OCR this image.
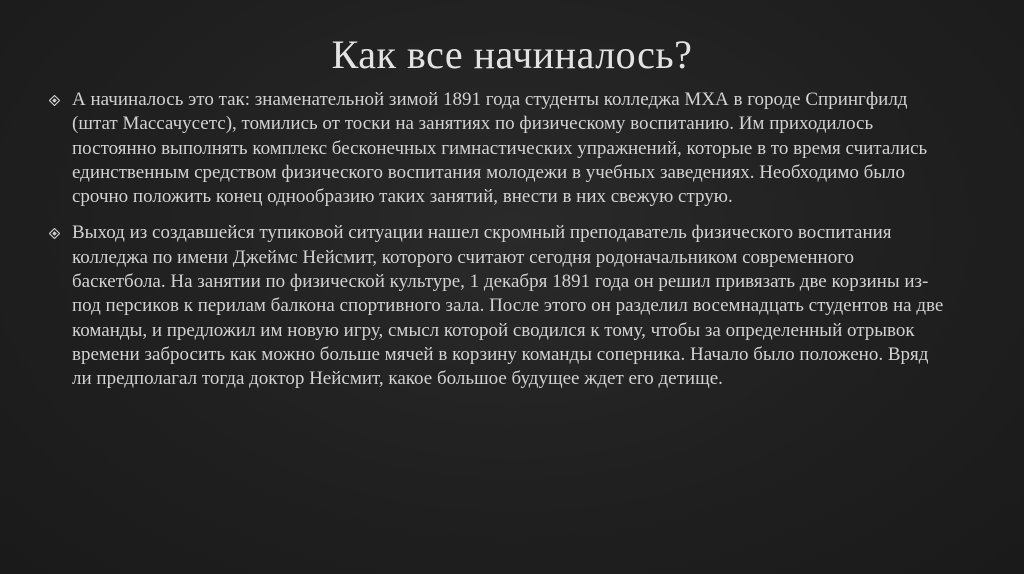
Как все начиналось?
А начиналось это так: знаменательной зимой 1891 года студенты колледжа МХА в городе Спрингфилд (штат Массачусетс), томились от тоски на занятиях по физическому воспитанию. Им приходилось постоянно выполнять комплекс бесконечных гимнастических упражнений, которые в то время считались единственным средством физического воспитания молодежи в учебных заведениях. Необходимо было срочно положить конец однообразию таких занятий, внести в них свежую струю.
Выход из создавшейся тупиковой ситуации нашел скромный преподаватель физического воспитания колледжа по имени Джеймс Нейсмит, которого считают сегодня родоначальником современного баскетбола. На занятии по физической культуре, 1 декабря 1891 года он решил привязать две корзины из-под персиков к перилам балкона спортивного зала. После этого он разделил восемнадцать студентов на две команды, и предложил им новую игру, смысл которой сводился к тому, чтобы за определенный отрывок времени забросить как можно больше мячей в корзину команды соперника. Начало было положено. Вряд ли предполагал тогда доктор Нейсмит, какое большое будущее ждет его детище.
